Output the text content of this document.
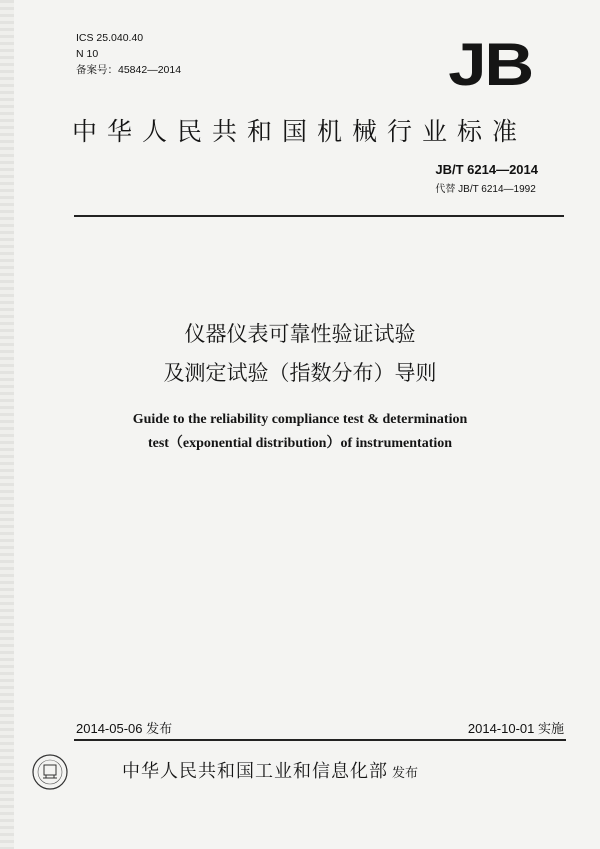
ICS 25.040.40
N 10
备案号：45842—2014	JB
中华人民共和国机械行业标准
JB/T 6214—2014
代替 JB/T 6214—1992
仪器仪表可靠性验证试验
及测定试验（指数分布）导则
Guide to the reliability compliance test & determination
test（exponential distribution）of instrumentation
2014-05-06 发布	2014-10-01 实施
中华人民共和国工业和信息化部 发布
